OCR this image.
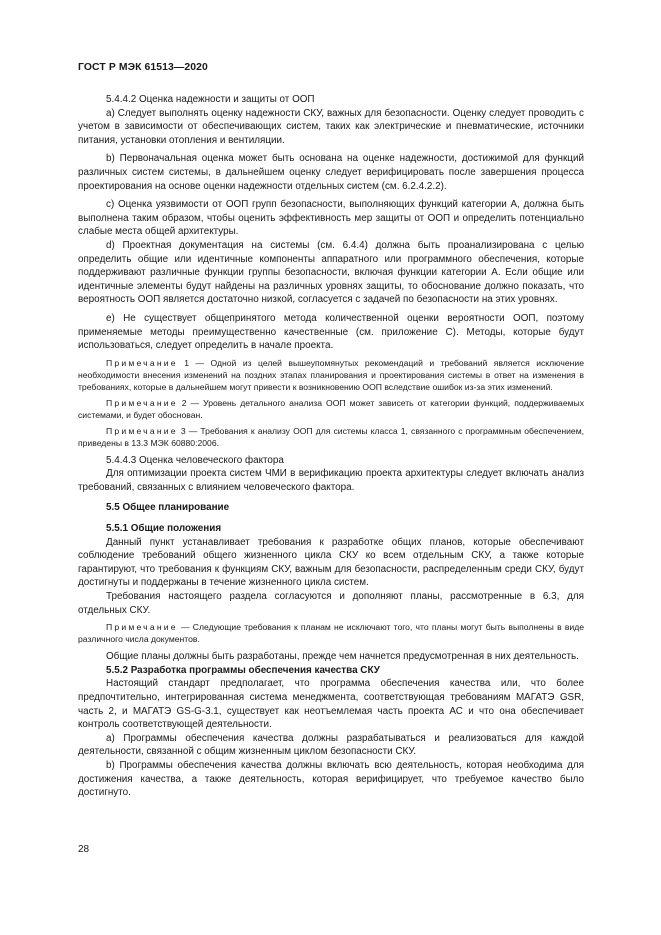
ГОСТ Р МЭК 61513—2020

5.4.4.2 Оценка надежности и защиты от ООП

a) Следует выполнять оценку надежности СКУ, важных для безопасности. Оценку следует проводить с учетом в зависимости от обеспечивающих систем, таких как электрические и пневматические, источники питания, установки отопления и вентиляции.

b) Первоначальная оценка может быть основана на оценке надежности, достижимой для функций различных систем системы, в дальнейшем оценку следует верифицировать после завершения процесса проектирования на основе оценки надежности отдельных систем (см. 6.2.4.2.2).

c) Оценка уязвимости от ООП групп безопасности, выполняющих функций категории А, должна быть выполнена таким образом, чтобы оценить эффективность мер защиты от ООП и определить потенциально слабые места общей архитектуры.

d) Проектная документация на системы (см. 6.4.4) должна быть проанализирована с целью определить общие или идентичные компоненты аппаратного или программного обеспечения, которые поддерживают различные функции группы безопасности, включая функции категории А. Если общие или идентичные элементы будут найдены на различных уровнях защиты, то обоснование должно показать, что вероятность ООП является достаточно низкой, согласуется с задачей по безопасности на этих уровнях.

e) Не существует общепринятого метода количественной оценки вероятности ООП, поэтому применяемые методы преимущественно качественные (см. приложение С). Методы, которые будут использоваться, следует определить в начале проекта.

Примечание 1 — Одной из целей вышеупомянутых рекомендаций и требований является исключение необходимости внесения изменений на поздних этапах планирования и проектирования системы в ответ на изменения в требованиях, которые в дальнейшем могут привести к возникновению ООП вследствие ошибок из-за этих изменений.

Примечание 2 — Уровень детального анализа ООП может зависеть от категории функций, поддерживаемых системами, и будет обоснован.

Примечание 3 — Требования к анализу ООП для системы класса 1, связанного с программным обеспечением, приведены в 13.3 МЭК 60880:2006.

5.4.4.3 Оценка человеческого фактора

Для оптимизации проекта систем ЧМИ в верификацию проекта архитектуры следует включать анализ требований, связанных с влиянием человеческого фактора.

5.5 Общее планирование

5.5.1 Общие положения

Данный пункт устанавливает требования к разработке общих планов, которые обеспечивают соблюдение требований общего жизненного цикла СКУ ко всем отдельным СКУ, а также которые гарантируют, что требования к функциям СКУ, важным для безопасности, распределенным среди СКУ, будут достигнуты и поддержаны в течение жизненного цикла систем.

Требования настоящего раздела согласуются и дополняют планы, рассмотренные в 6.3, для отдельных СКУ.

Примечание — Следующие требования к планам не исключают того, что планы могут быть выполнены в виде различного числа документов.

Общие планы должны быть разработаны, прежде чем начнется предусмотренная в них деятельность.

5.5.2 Разработка программы обеспечения качества СКУ

Настоящий стандарт предполагает, что программа обеспечения качества или, что более предпочтительно, интегрированная система менеджмента, соответствующая требованиям МАГАТЭ GSR, часть 2, и МАГАТЭ GS-G-3.1, существует как неотъемлемая часть проекта АС и что она обеспечивает контроль соответствующей деятельности.

a) Программы обеспечения качества должны разрабатываться и реализоваться для каждой деятельности, связанной с общим жизненным циклом безопасности СКУ.

b) Программы обеспечения качества должны включать всю деятельность, которая необходима для достижения качества, а также деятельность, которая верифицирует, что требуемое качество было достигнуто.

28
